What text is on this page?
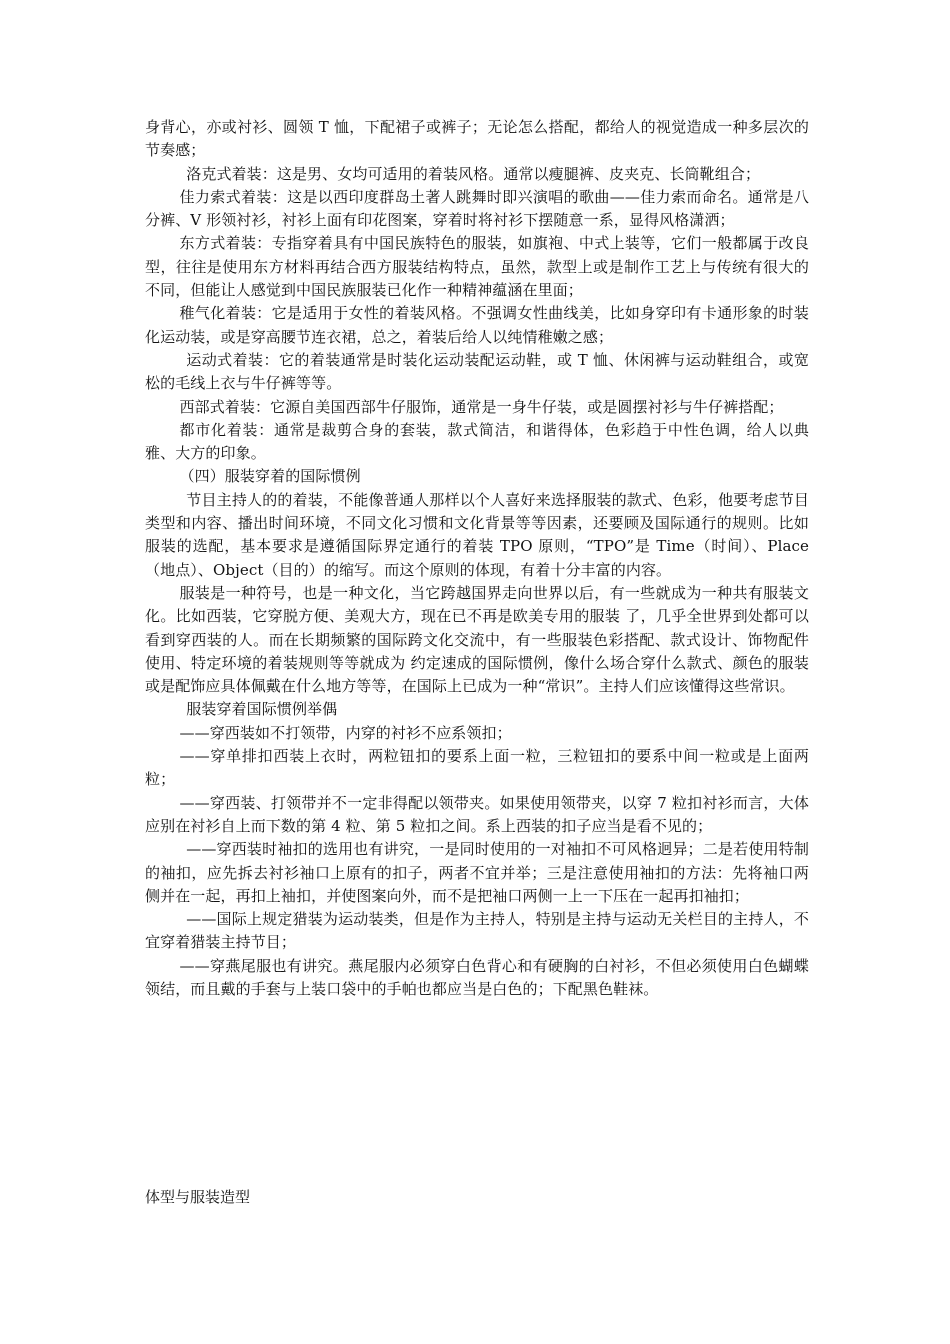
身背心，亦或衬衫、圆领 T 恤，下配裙子或裤子；无论怎么搭配，都给人的视觉造成一种多层次的节奏感；

洛克式着装：这是男、女均可适用的着装风格。通常以瘦腿裤、皮夹克、长筒靴组合；

佳力索式着装：这是以西印度群岛土著人跳舞时即兴演唱的歌曲——佳力索而命名。通常是八分裤、V 形领衬衫，衬衫上面有印花图案，穿着时将衬衫下摆随意一系，显得风格潇洒；

东方式着装：专指穿着具有中国民族特色的服装，如旗袍、中式上装等，它们一般都属于改良型，往往是使用东方材料再结合西方服装结构特点，虽然，款型上或是制作工艺上与传统有很大的不同，但能让人感觉到中国民族服装已化作一种精神蕴涵在里面；

稚气化着装：它是适用于女性的着装风格。不强调女性曲线美，比如身穿印有卡通形象的时装化运动装，或是穿高腰节连衣裙，总之，着装后给人以纯情稚嫩之感；

运动式着装：它的着装通常是时装化运动装配运动鞋，或 T 恤、休闲裤与运动鞋组合，或宽松的毛线上衣与牛仔裤等等。

西部式着装：它源自美国西部牛仔服饰，通常是一身牛仔装，或是圆摆衬衫与牛仔裤搭配；

都市化着装：通常是裁剪合身的套装，款式简洁，和谐得体，色彩趋于中性色调，给人以典雅、大方的印象。

（四）服装穿着的国际惯例

节目主持人的的着装，不能像普通人那样以个人喜好来选择服装的款式、色彩，他要考虑节目类型和内容、播出时间环境，不同文化习惯和文化背景等等因素，还要顾及国际通行的规则。比如服装的选配，基本要求是遵循国际界定通行的着装 TPO 原则，“TPO”是 Time（时间）、Place（地点）、Object（目的）的缩写。而这个原则的体现，有着十分丰富的内容。

服装是一种符号，也是一种文化，当它跨越国界走向世界以后，有一些就成为一种共有服装文化。比如西装，它穿脱方便、美观大方，现在已不再是欧美专用的服装 了，几乎全世界到处都可以看到穿西装的人。而在长期频繁的国际跨文化交流中，有一些服装色彩搭配、款式设计、饰物配件使用、特定环境的着装规则等等就成为 约定速成的国际惯例，像什么场合穿什么款式、颜色的服装或是配饰应具体佩戴在什么地方等等，在国际上已成为一种“常识”。主持人们应该懂得这些常识。

服装穿着国际惯例举偶

——穿西装如不打领带，内穿的衬衫不应系领扣；

——穿单排扣西装上衣时，两粒钮扣的要系上面一粒，三粒钮扣的要系中间一粒或是上面两粒；

——穿西装、打领带并不一定非得配以领带夹。如果使用领带夹，以穿 7 粒扣衬衫而言，大体应别在衬衫自上而下数的第 4 粒、第 5 粒扣之间。系上西装的扣子应当是看不见的；

——穿西装时袖扣的选用也有讲究，一是同时使用的一对袖扣不可风格迥异；二是若使用特制的袖扣，应先拆去衬衫袖口上原有的扣子，两者不宜并举；三是注意使用袖扣的方法：先将袖口两侧并在一起，再扣上袖扣，并使图案向外，而不是把袖口两侧一上一下压在一起再扣袖扣；

——国际上规定猎装为运动装类，但是作为主持人，特别是主持与运动无关栏目的主持人，不宜穿着猎装主持节目；

——穿燕尾服也有讲究。燕尾服内必须穿白色背心和有硬胸的白衬衫，不但必须使用白色蝴蝶领结，而且戴的手套与上装口袋中的手帕也都应当是白色的；下配黑色鞋袜。

体型与服装造型
